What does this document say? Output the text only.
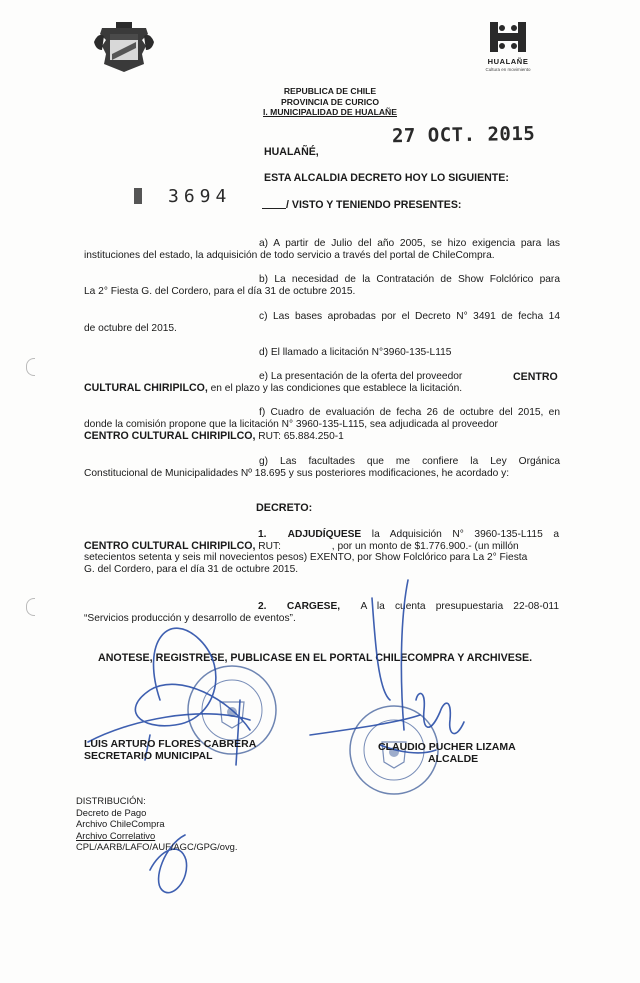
HUALAÑE
Cultura en movimiento
REPUBLICA DE CHILE
PROVINCIA DE CURICO
I. MUNICIPALIDAD DE HUALAÑE
27 OCT. 2015
HUALAÑÉ,
ESTA ALCALDIA DECRETO HOY LO SIGUIENTE:
3694	/ VISTO Y TENIENDO PRESENTES:
a) A partir de Julio del año 2005, se hizo exigencia para las
instituciones del estado, la adquisición de todo servicio a través del portal de ChileCompra.
b) La necesidad de la Contratación de Show Folclórico para
La 2° Fiesta G. del Cordero, para el día 31 de octubre 2015.
c) Las bases aprobadas por el Decreto N° 3491 de fecha 14
de octubre del 2015.
d) El llamado a licitación N°3960-135-L115
e) La presentación de la oferta del proveedor	CENTRO
CULTURAL CHIRIPILCO, en el plazo y las condiciones que establece la licitación.
f) Cuadro de evaluación de fecha 26 de octubre del 2015, en
donde la comisión propone que la licitación N° 3960-135-L115, sea adjudicada al proveedor
CENTRO CULTURAL CHIRIPILCO, RUT: 65.884.250-1
g) Las facultades que me confiere la Ley Orgánica
Constitucional de Municipalidades Nº 18.695 y sus posteriores modificaciones, he acordado y:
DECRETO:
1. ADJUDÍQUESE la Adquisición N° 3960-135-L115 a
CENTRO CULTURAL CHIRIPILCO, RUT:	, por un monto de $1.776.900.- (un millón
setecientos setenta y seis mil novecientos pesos) EXENTO, por Show Folclórico para La 2° Fiesta
G. del Cordero, para el día 31 de octubre 2015.
2. CARGESE, A la cuenta presupuestaria 22-08-011
“Servicios producción y desarrollo de eventos”.
ANOTESE, REGISTRESE, PUBLICASE EN EL PORTAL CHILECOMPRA Y ARCHIVESE.
LUIS ARTURO FLORES CABRERA
SECRETARIO MUNICIPAL
CLAUDIO PUCHER LIZAMA
ALCALDE
DISTRIBUCIÓN:
Decreto de Pago
Archivo ChileCompra
Archivo Correlativo
CPL/AARB/LAFO/AUF/AGC/GPG/ovg.
